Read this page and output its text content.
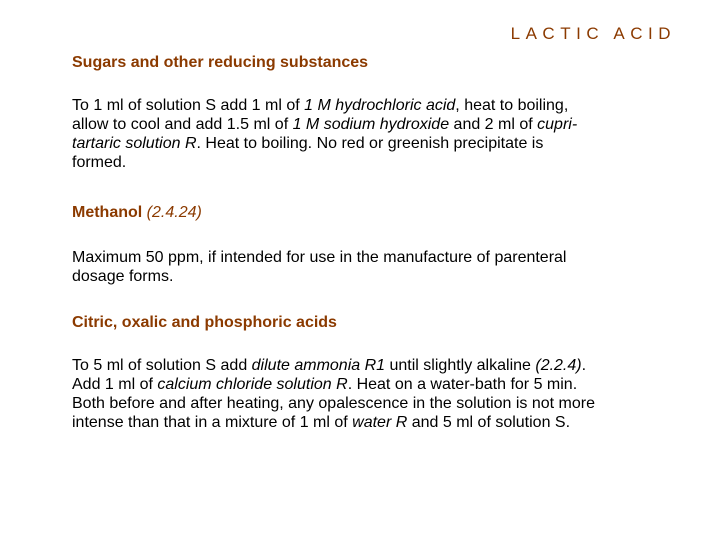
LACTIC ACID
Sugars and other reducing substances

To 1 ml of solution S add 1 ml of 1 M hydrochloric acid, heat to boiling,
allow to cool and add 1.5 ml of 1 M sodium hydroxide and 2 ml of cupri-
tartaric solution R. Heat to boiling. No red or greenish precipitate is
formed.

Methanol (2.4.24)

Maximum 50 ppm, if intended for use in the manufacture of parenteral
dosage forms.

Citric, oxalic and phosphoric acids

To 5 ml of solution S add dilute ammonia R1 until slightly alkaline (2.2.4).
Add 1 ml of calcium chloride solution R. Heat on a water-bath for 5 min.
Both before and after heating, any opalescence in the solution is not more
intense than that in a mixture of 1 ml of water R and 5 ml of solution S.
